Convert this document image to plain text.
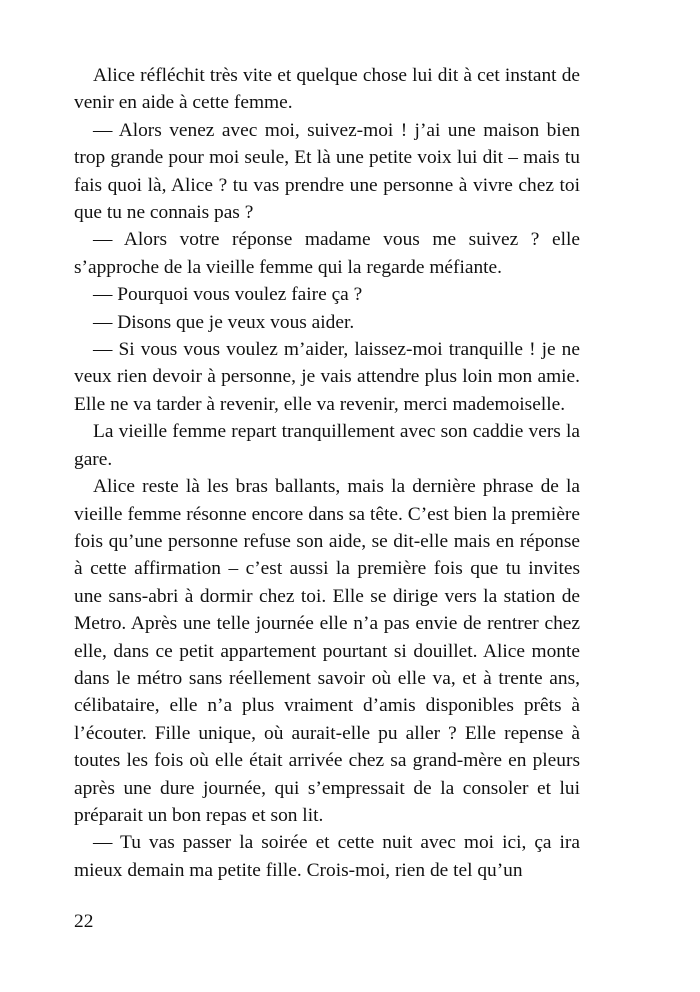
Alice réfléchit très vite et quelque chose lui dit à cet instant de venir en aide à cette femme.

— Alors venez avec moi, suivez-moi ! j’ai une maison bien trop grande pour moi seule, Et là une petite voix lui dit – mais tu fais quoi là, Alice ? tu vas prendre une personne à vivre chez toi que tu ne connais pas ?

— Alors votre réponse madame vous me suivez ? elle s’approche de la vieille femme qui la regarde méfiante.

— Pourquoi vous voulez faire ça ?

— Disons que je veux vous aider.

— Si vous vous voulez m’aider, laissez-moi tranquille ! je ne veux rien devoir à personne, je vais attendre plus loin mon amie. Elle ne va tarder à revenir, elle va revenir, merci mademoiselle.

La vieille femme repart tranquillement avec son caddie vers la gare.

Alice reste là les bras ballants, mais la dernière phrase de la vieille femme résonne encore dans sa tête. C’est bien la première fois qu’une personne refuse son aide, se dit-elle mais en réponse à cette affirmation – c’est aussi la première fois que tu invites une sans-abri à dormir chez toi. Elle se dirige vers la station de Metro. Après une telle journée elle n’a pas envie de rentrer chez elle, dans ce petit appartement pourtant si douillet. Alice monte dans le métro sans réellement savoir où elle va, et à trente ans, célibataire, elle n’a plus vraiment d’amis disponibles prêts à l’écouter. Fille unique, où aurait-elle pu aller ? Elle repense à toutes les fois où elle était arrivée chez sa grand-mère en pleurs après une dure journée, qui s’empressait de la consoler et lui préparait un bon repas et son lit.

— Tu vas passer la soirée et cette nuit avec moi ici, ça ira mieux demain ma petite fille. Crois-moi, rien de tel qu’un

22
